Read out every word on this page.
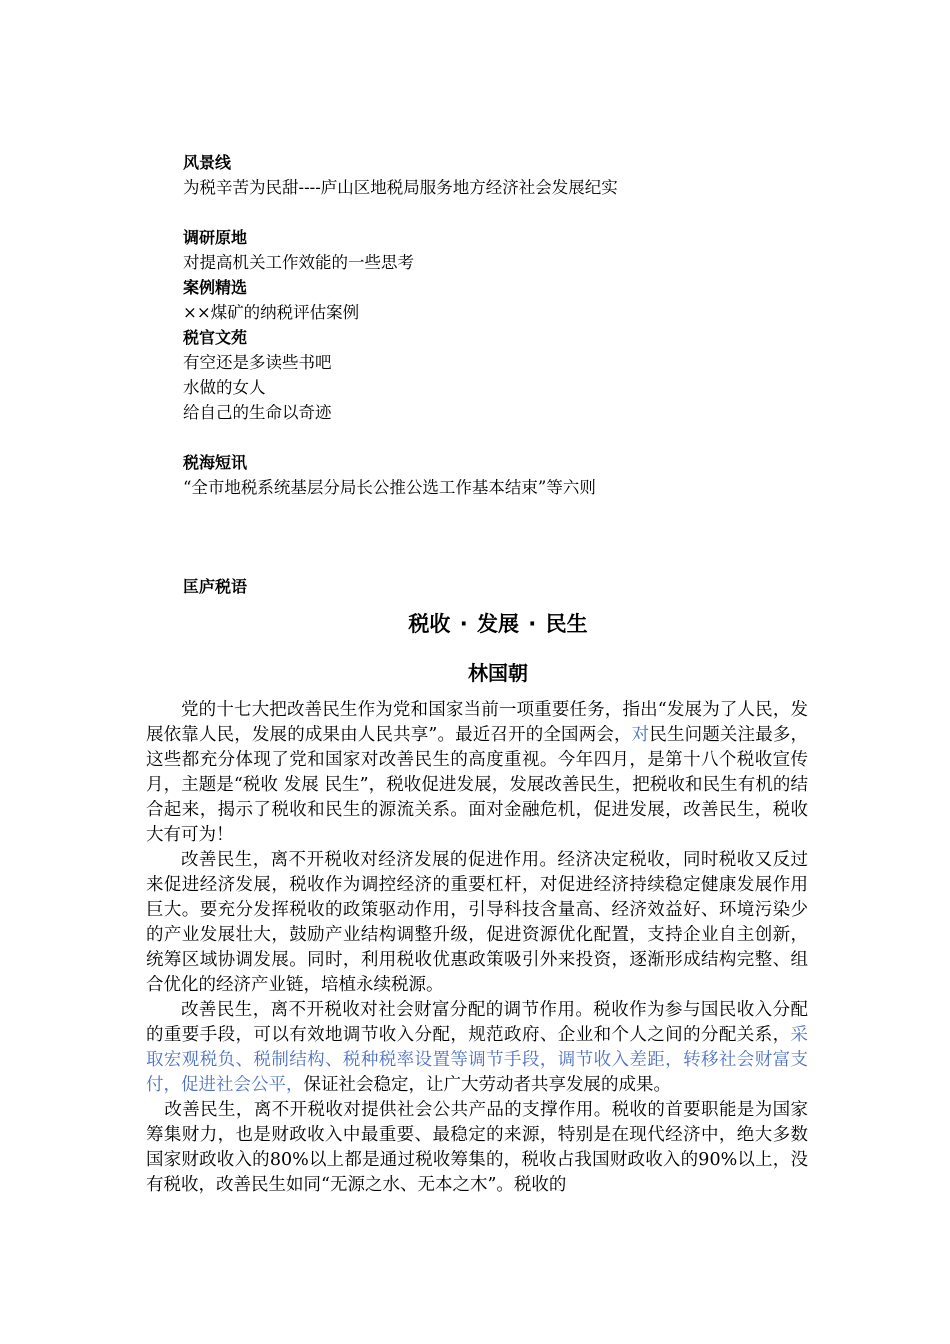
风景线
为税辛苦为民甜----庐山区地税局服务地方经济社会发展纪实
调研原地
对提高机关工作效能的一些思考
案例精选
××煤矿的纳税评估案例
税官文苑
有空还是多读些书吧
水做的女人
给自己的生命以奇迹
税海短讯
“全市地税系统基层分局长公推公选工作基本结束”等六则
匡庐税语
税收 · 发展 · 民生
林国朝

党的十七大把改善民生作为党和国家当前一项重要任务，指出“发展为了人民，发展依靠人民，发展的成果由人民共享”。最近召开的全国两会，对民生问题关注最多，这些都充分体现了党和国家对改善民生的高度重视。今年四月，是第十八个税收宣传月，主题是“税收 发展 民生”，税收促进发展，发展改善民生，把税收和民生有机的结合起来，揭示了税收和民生的源流关系。面对金融危机，促进发展，改善民生，税收大有可为！

改善民生，离不开税收对经济发展的促进作用。经济决定税收，同时税收又反过来促进经济发展，税收作为调控经济的重要杠杆，对促进经济持续稳定健康发展作用巨大。要充分发挥税收的政策驱动作用，引导科技含量高、经济效益好、环境污染少的产业发展壮大，鼓励产业结构调整升级，促进资源优化配置，支持企业自主创新，统筹区域协调发展。同时，利用税收优惠政策吸引外来投资，逐渐形成结构完整、组合优化的经济产业链，培植永续税源。

改善民生，离不开税收对社会财富分配的调节作用。税收作为参与国民收入分配的重要手段，可以有效地调节收入分配，规范政府、企业和个人之间的分配关系，采取宏观税负、税制结构、税种税率设置等调节手段，调节收入差距，转移社会财富支付，促进社会公平，保证社会稳定，让广大劳动者共享发展的成果。

改善民生，离不开税收对提供社会公共产品的支撑作用。税收的首要职能是为国家筹集财力，也是财政收入中最重要、最稳定的来源，特别是在现代经济中，绝大多数国家财政收入的80%以上都是通过税收筹集的，税收占我国财政收入的90%以上，没有税收，改善民生如同“无源之水、无本之木”。税收的
